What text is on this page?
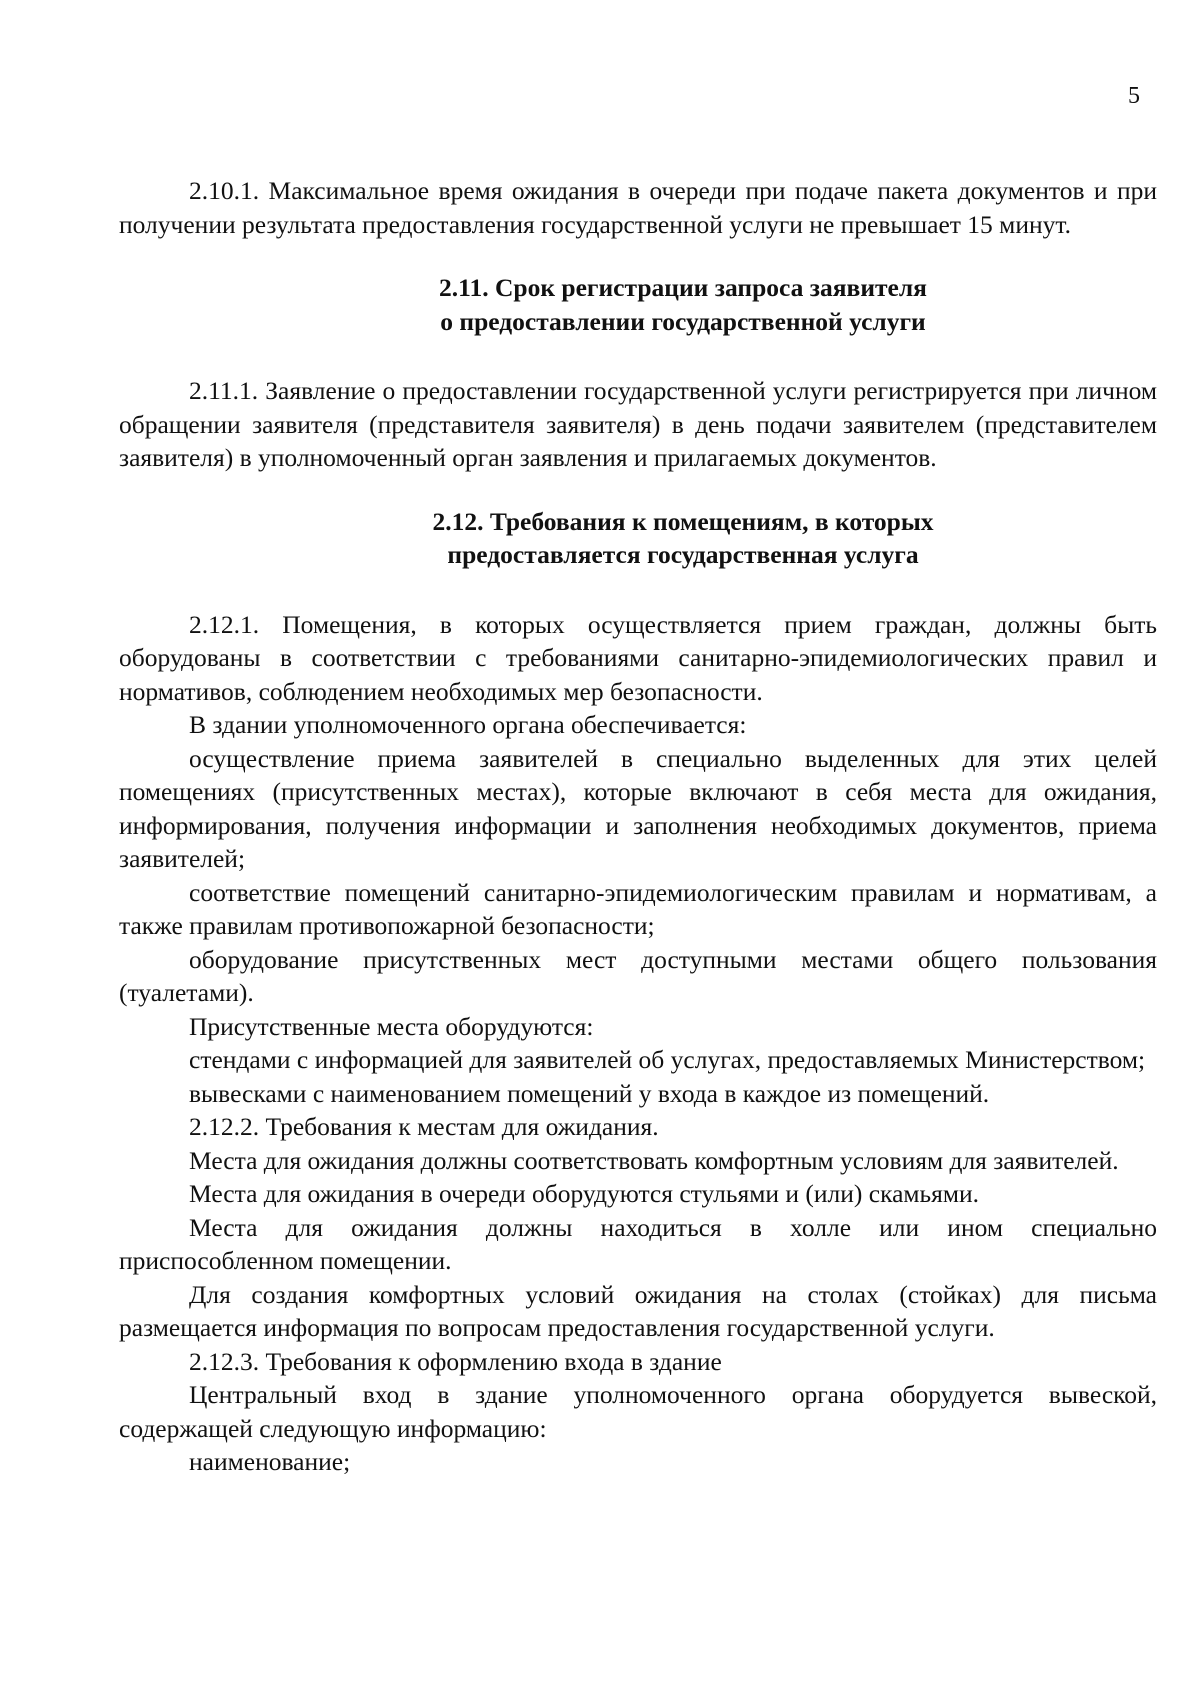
5

2.10.1. Максимальное время ожидания в очереди при подаче пакета документов и при получении результата предоставления государственной услуги не превышает 15 минут.

2.11. Срок регистрации запроса заявителя
о предоставлении государственной услуги

2.11.1. Заявление о предоставлении государственной услуги регистрируется при личном обращении заявителя (представителя заявителя) в день подачи заявителем (представителем заявителя) в уполномоченный орган заявления и прилагаемых документов.

2.12. Требования к помещениям, в которых
предоставляется государственная услуга

2.12.1. Помещения, в которых осуществляется прием граждан, должны быть оборудованы в соответствии с требованиями санитарно-эпидемиологических правил и нормативов, соблюдением необходимых мер безопасности.

В здании уполномоченного органа обеспечивается:

осуществление приема заявителей в специально выделенных для этих целей помещениях (присутственных местах), которые включают в себя места для ожидания, информирования, получения информации и заполнения необходимых документов, приема заявителей;

соответствие помещений санитарно-эпидемиологическим правилам и нормативам, а также правилам противопожарной безопасности;

оборудование присутственных мест доступными местами общего пользования (туалетами).

Присутственные места оборудуются:

стендами с информацией для заявителей об услугах, предоставляемых Министерством;

вывесками с наименованием помещений у входа в каждое из помещений.

2.12.2. Требования к местам для ожидания.

Места для ожидания должны соответствовать комфортным условиям для заявителей.

Места для ожидания в очереди оборудуются стульями и (или) скамьями.

Места для ожидания должны находиться в холле или ином специально приспособленном помещении.

Для создания комфортных условий ожидания на столах (стойках) для письма размещается информация по вопросам предоставления государственной услуги.

2.12.3. Требования к оформлению входа в здание

Центральный вход в здание уполномоченного органа оборудуется вывеской, содержащей следующую информацию:

наименование;
